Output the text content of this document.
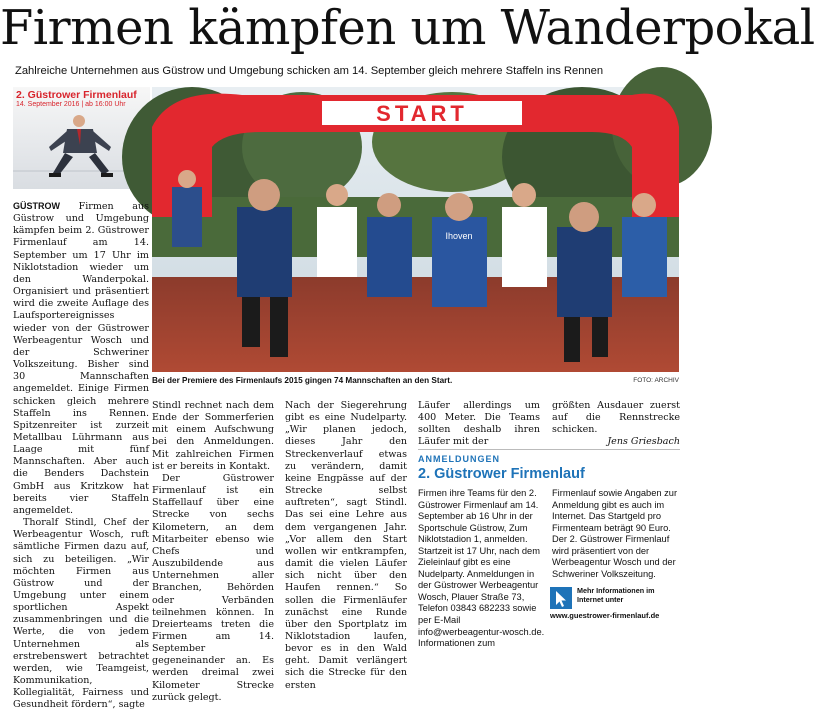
Firmen kämpfen um Wanderpokal
Zahlreiche Unternehmen aus Güstrow und Umgebung schicken am 14. September gleich mehrere Staffeln ins Rennen
2. Güstrower Firmenlauf
14. September 2016 | ab 16:00 Uhr	START
Ihoven
Bei der Premiere des Firmenlaufs 2015 gingen 74 Mannschaften an den Start.	FOTO: ARCHIV

GÜSTROW Firmen aus Güstrow und Umgebung kämpfen beim 2. Güstrower Firmenlauf am 14. September um 17 Uhr im Niklotstadion wieder um den Wanderpokal. Organisiert und präsentiert wird die zweite Auflage des Laufsportereignisses wieder von der Güstrower Werbeagentur Wosch und der Schweriner Volkszeitung. Bisher sind 30 Mannschaften angemeldet. Einige Firmen schicken gleich mehrere Staffeln ins Rennen. Spitzenreiter ist zurzeit Metallbau Lührmann aus Laage mit fünf Mannschaften. Aber auch die Benders Dachstein GmbH aus Kritzkow hat bereits vier Staffeln angemeldet.

Thoralf Stindl, Chef der Werbeagentur Wosch, ruft sämtliche Firmen dazu auf, sich zu beteiligen. „Wir möchten Firmen aus Güstrow und der Umgebung unter einem sportlichen Aspekt zusammenbringen und die Werte, die von jedem Unternehmen als erstrebenswert betrachtet werden, wie Teamgeist, Kommunikation, Kollegialität, Fairness und Gesundheit fördern“, sagte

Stindl rechnet nach dem Ende der Sommerferien mit einem Aufschwung bei den Anmeldungen. Mit zahlreichen Firmen ist er bereits in Kontakt.

Der Güstrower Firmenlauf ist ein Staffellauf über eine Strecke von sechs Kilometern, an dem Mitarbeiter ebenso wie Chefs und Auszubildende aus Unternehmen aller Branchen, Behörden oder Verbänden teilnehmen können. In Dreierteams treten die Firmen am 14. September gegeneinander an. Es werden dreimal zwei Kilometer Strecke zurück gelegt.

Nach der Siegerehrung gibt es eine Nudelparty. „Wir planen jedoch, dieses Jahr den Streckenverlauf etwas zu verändern, damit keine Engpässe auf der Strecke selbst auftreten“, sagt Stindl. Das sei eine Lehre aus dem vergangenen Jahr. „Vor allem den Start wollen wir entkrampfen, damit die vielen Läufer sich nicht über den Haufen rennen.“ So sollen die Firmenläufer zunächst eine Runde über den Sportplatz im Niklotstadion laufen, bevor es in den Wald geht. Damit verlängert sich die Strecke für den ersten

Läufer allerdings um 400 Meter. Die Teams sollten deshalb ihren Läufer mit der

größten Ausdauer zuerst auf die Rennstrecke schicken.

Jens Griesbach

ANMELDUNGEN
2. Güstrower Firmenlauf
Firmen ihre Teams für den 2. Güstrower Firmenlauf am 14. September ab 16 Uhr in der Sportschule Güstrow, Zum Niklotstadion 1, anmelden. Startzeit ist 17 Uhr, nach dem Zieleinlauf gibt es eine Nudelparty. Anmeldungen in der Güstrower Werbeagentur Wosch, Plauer Straße 73, Telefon 03843 682233 sowie per E-Mail info@werbeagentur-wosch.de. Informationen zum
Firmenlauf sowie Angaben zur Anmeldung gibt es auch im Internet. Das Startgeld pro Firmenteam beträgt 90 Euro. Der 2. Güstrower Firmenlauf wird präsentiert von der Werbeagentur Wosch und der Schweriner Volkszeitung.
Mehr Informationen im
Internet unter
www.guestrower-firmenlauf.de
